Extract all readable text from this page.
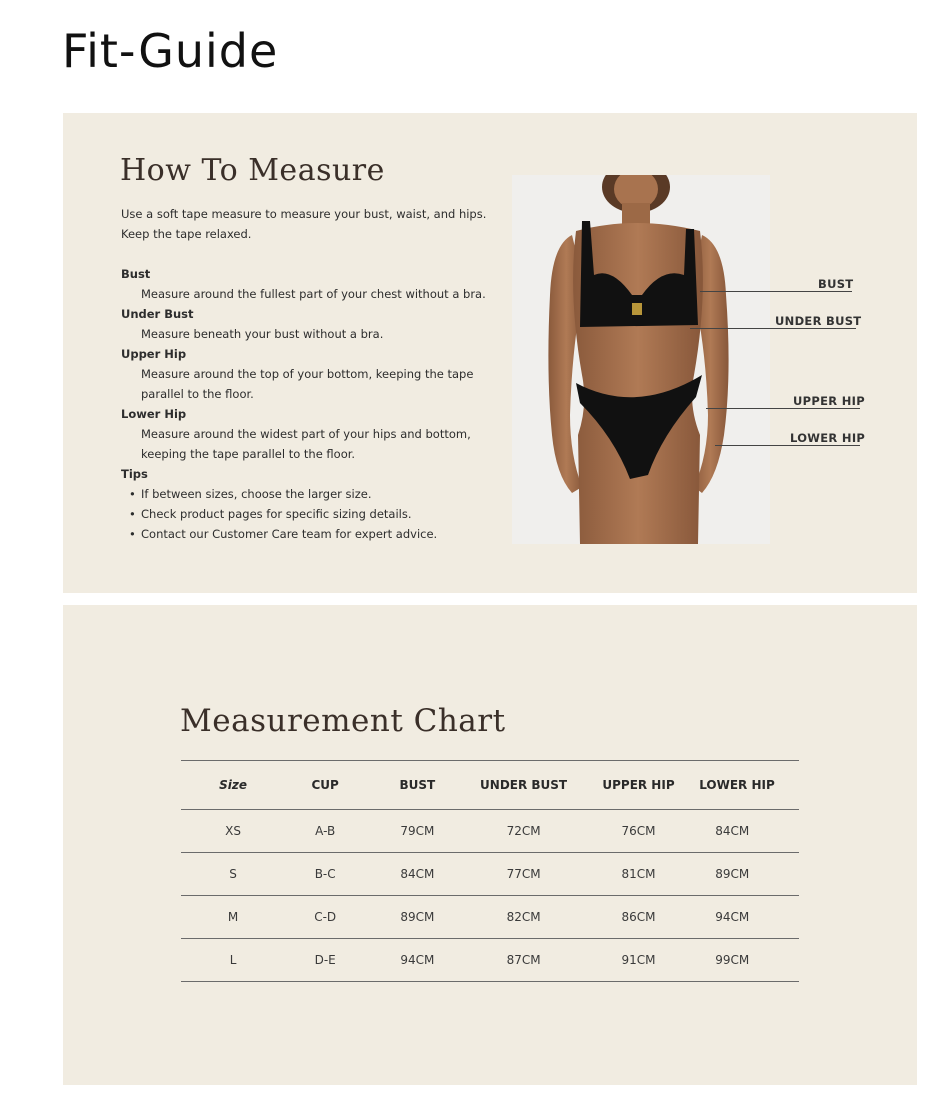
Fit-Guide
How To Measure

Use a soft tape measure to measure your bust, waist, and hips.

Keep the tape relaxed.

Bust

Measure around the fullest part of your chest without a bra.

Under Bust

Measure beneath your bust without a bra.

Upper Hip

Measure around the top of your bottom, keeping the tape

parallel to the floor.

Lower Hip

Measure around the widest part of your hips and bottom,

keeping the tape parallel to the floor.

Tips

• If between sizes, choose the larger size.
• Check product pages for specific sizing details.
• Contact our Customer Care team for expert advice.
BUST
UNDER BUST
UPPER HIP
LOWER HIP
Measurement Chart
Size	CUP	BUST	UNDER BUST	UPPER HIP	LOWER HIP
XS	A-B	79CM	72CM	76CM	84CM
S	B-C	84CM	77CM	81CM	89CM
M	C-D	89CM	82CM	86CM	94CM
L	D-E	94CM	87CM	91CM	99CM
